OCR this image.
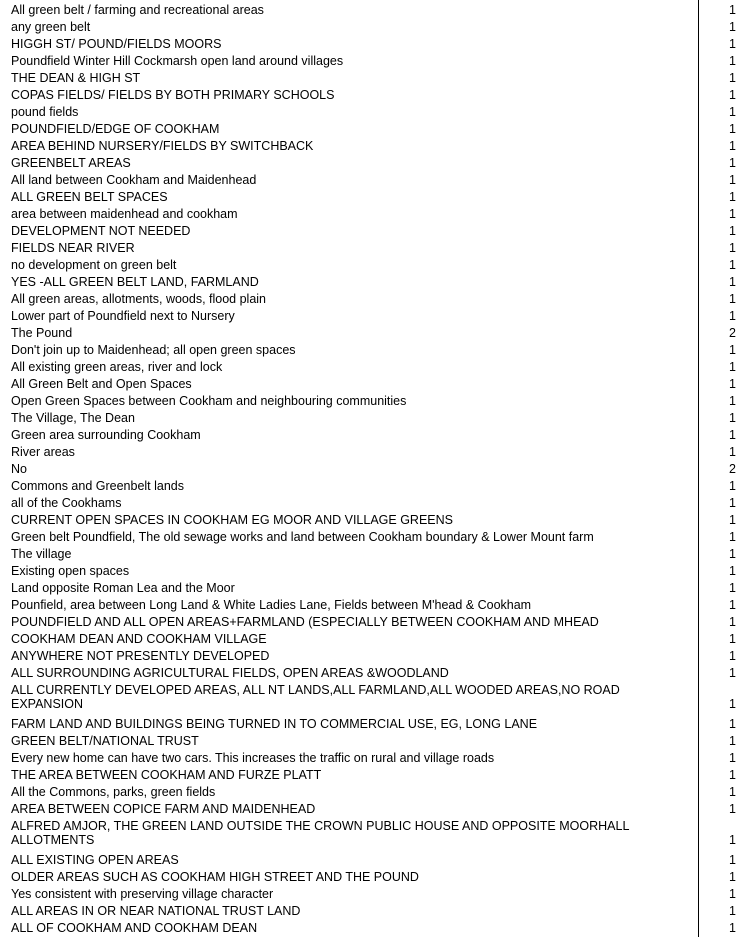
All green belt / farming and recreational areas	1
any green belt	1
HIGGH ST/ POUND/FIELDS MOORS	1
Poundfield Winter Hill Cockmarsh open land around villages	1
THE DEAN & HIGH ST	1
COPAS FIELDS/ FIELDS BY BOTH PRIMARY SCHOOLS	1
pound fields	1
POUNDFIELD/EDGE OF COOKHAM	1
AREA BEHIND NURSERY/FIELDS BY SWITCHBACK	1
GREENBELT AREAS	1
All land between Cookham and Maidenhead	1
ALL GREEN BELT SPACES	1
area between maidenhead and cookham	1
DEVELOPMENT NOT NEEDED	1
FIELDS NEAR RIVER	1
no development on green belt	1
YES -ALL GREEN BELT LAND, FARMLAND	1
All green areas, allotments, woods, flood plain	1
Lower part of Poundfield next to Nursery	1
The Pound	2
Don't join up to Maidenhead; all open green spaces	1
All existing green areas, river and lock	1
All Green Belt and Open Spaces	1
Open Green Spaces between Cookham and neighbouring communities	1
The Village, The Dean	1
Green area surrounding Cookham	1
River areas	1
No	2
Commons and Greenbelt lands	1
all of the Cookhams	1
CURRENT OPEN SPACES IN COOKHAM EG MOOR AND VILLAGE GREENS	1
Green belt Poundfield, The old sewage works and land between Cookham boundary & Lower Mount farm	1
The village	1
Existing open spaces	1
Land opposite Roman Lea and the Moor	1
Pounfield, area between Long Land & White Ladies Lane, Fields between M'head & Cookham	1
POUNDFIELD AND ALL OPEN AREAS+FARMLAND (ESPECIALLY BETWEEN COOKHAM AND MHEAD	1
COOKHAM DEAN AND COOKHAM VILLAGE	1
ANYWHERE NOT PRESENTLY DEVELOPED	1
ALL SURROUNDING AGRICULTURAL FIELDS, OPEN AREAS &WOODLAND	1
ALL CURRENTLY DEVELOPED AREAS, ALL NT LANDS,ALL FARMLAND,ALL WOODED AREAS,NO ROAD EXPANSION	1
FARM LAND AND BUILDINGS BEING TURNED IN TO COMMERCIAL USE, EG, LONG LANE	1
GREEN BELT/NATIONAL TRUST	1
Every new home can have two cars. This increases the traffic on rural and village roads	1
THE AREA BETWEEN COOKHAM AND FURZE PLATT	1
All the Commons, parks, green fields	1
AREA BETWEEN COPICE FARM AND MAIDENHEAD	1
ALFRED AMJOR, THE GREEN LAND OUTSIDE THE CROWN PUBLIC HOUSE AND OPPOSITE MOORHALL ALLOTMENTS	1
ALL EXISTING OPEN AREAS	1
OLDER AREAS SUCH AS COOKHAM HIGH STREET AND THE POUND	1
Yes consistent with preserving village character	1
ALL AREAS IN OR NEAR NATIONAL TRUST LAND	1
ALL OF COOKHAM AND COOKHAM DEAN	1
